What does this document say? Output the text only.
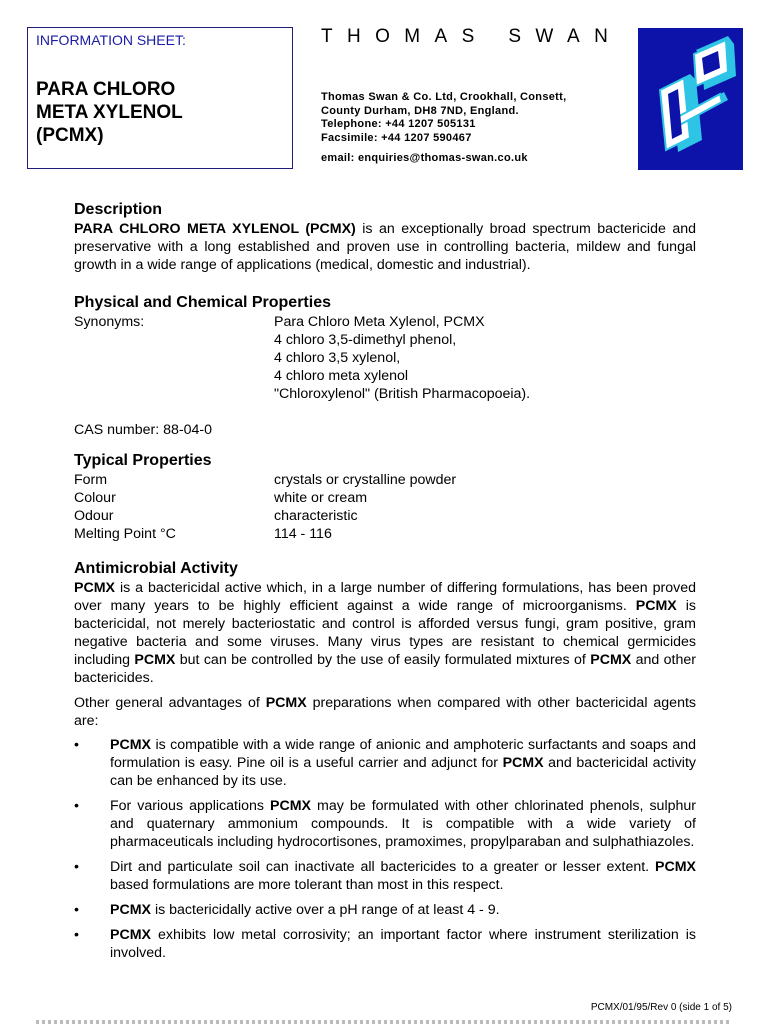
INFORMATION SHEET:
PARA CHLORO
META XYLENOL
(PCMX)
THOMAS SWAN
Thomas Swan & Co. Ltd, Crookhall, Consett,
County Durham, DH8 7ND, England.
Telephone: +44 1207 505131
Facsimile: +44 1207 590467
email: enquiries@thomas-swan.co.uk
Description

PARA CHLORO META XYLENOL (PCMX) is an exceptionally broad spectrum bactericide and preservative with a long established and proven use in controlling bacteria, mildew and fungal growth in a wide range of applications (medical, domestic and industrial).

Physical and Chemical Properties
Synonyms:	Para Chloro Meta Xylenol, PCMX
4 chloro 3,5-dimethyl phenol,
4 chloro 3,5 xylenol,
4 chloro meta xylenol
"Chloroxylenol" (British Pharmacopoeia).

CAS number: 88-04-0

Typical Properties
Form	crystals or crystalline powder
Colour	white or cream
Odour	characteristic
Melting Point °C	114 - 116
Antimicrobial Activity

PCMX is a bactericidal active which, in a large number of differing formulations, has been proved over many years to be highly efficient against a wide range of microorganisms. PCMX is bactericidal, not merely bacteriostatic and control is afforded versus fungi, gram positive, gram negative bacteria and some viruses. Many virus types are resistant to chemical germicides including PCMX but can be controlled by the use of easily formulated mixtures of PCMX and other bactericides.

Other general advantages of PCMX preparations when compared with other bactericidal agents are:

• PCMX is compatible with a wide range of anionic and amphoteric surfactants and soaps and formulation is easy. Pine oil is a useful carrier and adjunct for PCMX and bactericidal activity can be enhanced by its use.
• For various applications PCMX may be formulated with other chlorinated phenols, sulphur and quaternary ammonium compounds. It is compatible with a wide variety of pharmaceuticals including hydrocortisones, pramoximes, propylparaban and sulphathiazoles.
• Dirt and particulate soil can inactivate all bactericides to a greater or lesser extent. PCMX based formulations are more tolerant than most in this respect.
• PCMX is bactericidally active over a pH range of at least 4 - 9.
• PCMX exhibits low metal corrosivity; an important factor where instrument sterilization is involved.
PCMX/01/95/Rev 0 (side 1 of 5)
